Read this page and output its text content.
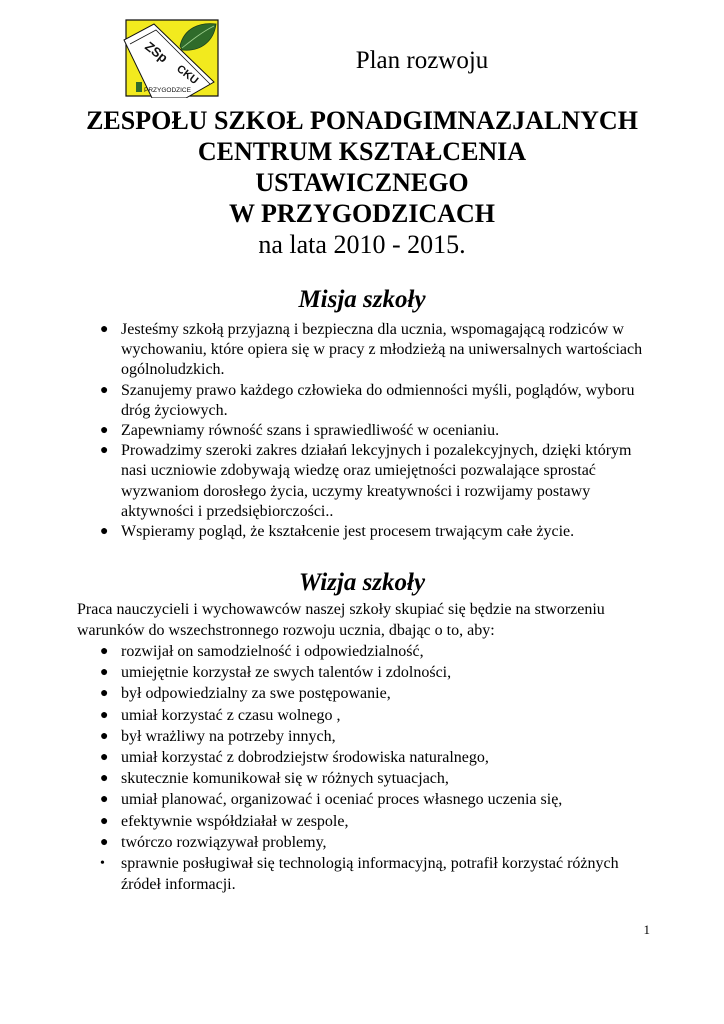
ZSp
CKU
PRZYGODZICE
Plan rozwoju
ZESPOŁU SZKOŁ PONADGIMNAZJALNYCH
CENTRUM KSZTAŁCENIA
USTAWICZNEGO
W PRZYGODZICACH
na lata 2010 - 2015.
Misja szkoły
● Jesteśmy szkołą przyjazną i bezpieczna dla ucznia, wspomagającą rodziców w wychowaniu, które opiera się w pracy z młodzieżą na uniwersalnych wartościach ogólnoludzkich.
● Szanujemy prawo każdego człowieka do odmienności myśli, poglądów, wyboru dróg życiowych.
● Zapewniamy równość szans i sprawiedliwość w ocenianiu.
● Prowadzimy szeroki zakres działań lekcyjnych i pozalekcyjnych, dzięki którym nasi uczniowie zdobywają wiedzę oraz umiejętności pozwalające sprostać wyzwaniom dorosłego życia, uczymy kreatywności i rozwijamy postawy aktywności i przedsiębiorczości..
● Wspieramy pogląd, że kształcenie jest procesem trwającym całe życie.
Wizja szkoły
Praca nauczycieli i wychowawców naszej szkoły skupiać się będzie na stworzeniu warunków do wszechstronnego rozwoju ucznia, dbając o to, aby:
● rozwijał on samodzielność i odpowiedzialność,
● umiejętnie korzystał ze swych talentów i zdolności,
● był odpowiedzialny za swe postępowanie,
● umiał korzystać z czasu wolnego ,
● był wrażliwy na potrzeby innych,
● umiał korzystać z dobrodziejstw środowiska naturalnego,
● skutecznie komunikował się w różnych sytuacjach,
● umiał planować, organizować i oceniać proces własnego uczenia się,
● efektywnie współdziałał w zespole,
● twórczo rozwiązywał problemy,
• sprawnie posługiwał się technologią informacyjną, potrafił korzystać różnych źródeł informacji.
1
